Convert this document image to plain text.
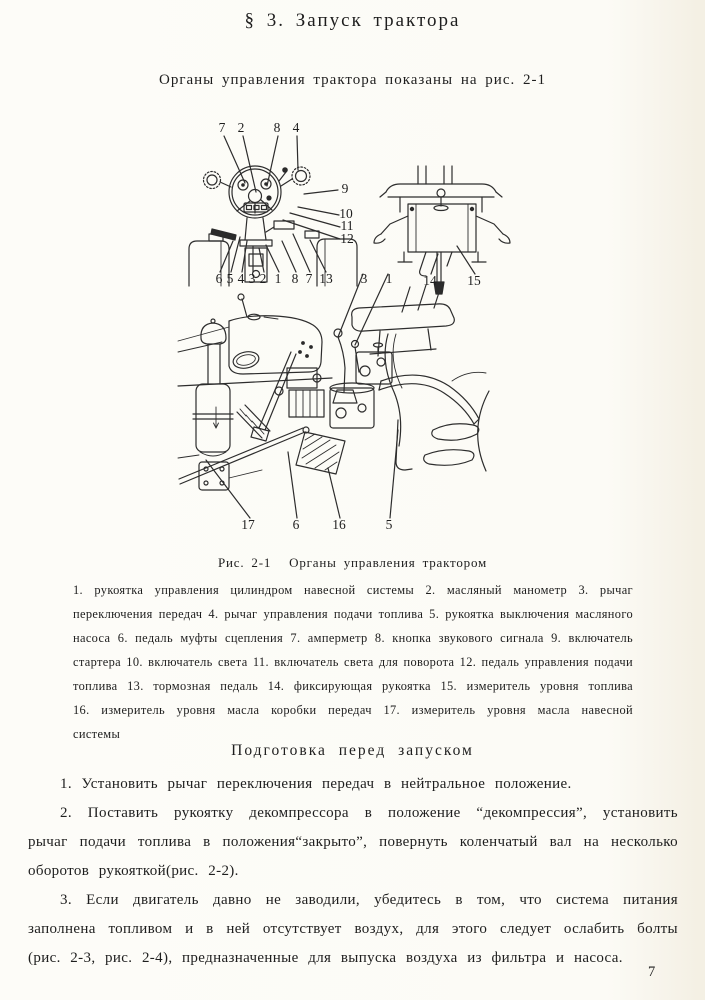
§ 3. Запуск трактора

Органы управления трактора показаны на рис. 2-1

7 2 8 4
9
10
11
12
6 5 4 3 2 1 8 7 13 3 1 14 15
17	6 16	5
Рис. 2-1 Органы управления трактором
1. рукоятка управления цилиндром навесной системы 2. масляный манометр 3. рычаг
переключения передач 4. рычаг управления подачи топлива 5. рукоятка выключения масляного
насоса 6. педаль муфты сцепления 7. амперметр 8. кнопка звукового сигнала 9. включатель
стартера 10. включатель света 11. включатель света для поворота 12. педаль управления подачи
топлива 13. тормозная педаль 14. фиксирующая рукоятка 15. измеритель уровня топлива
16. измеритель уровня масла коробки передач 17. измеритель уровня масла навесной системы
Подготовка перед запуском
1. Установить рычаг переключения передач в нейтральное положение.
2. Поставить рукоятку декомпрессора в положение “декомпрессия”, установить
рычаг подачи топлива в положения“закрыто”, повернуть коленчатый вал на несколько
оборотов рукояткой(рис. 2-2).
3. Если двигатель давно не заводили, убедитесь в том, что система питания
заполнена топливом и в ней отсутствует воздух, для этого следует ослабить болты
(рис. 2-3, рис. 2-4), предназначенные для выпуска воздуха из фильтра и насоса.
7
